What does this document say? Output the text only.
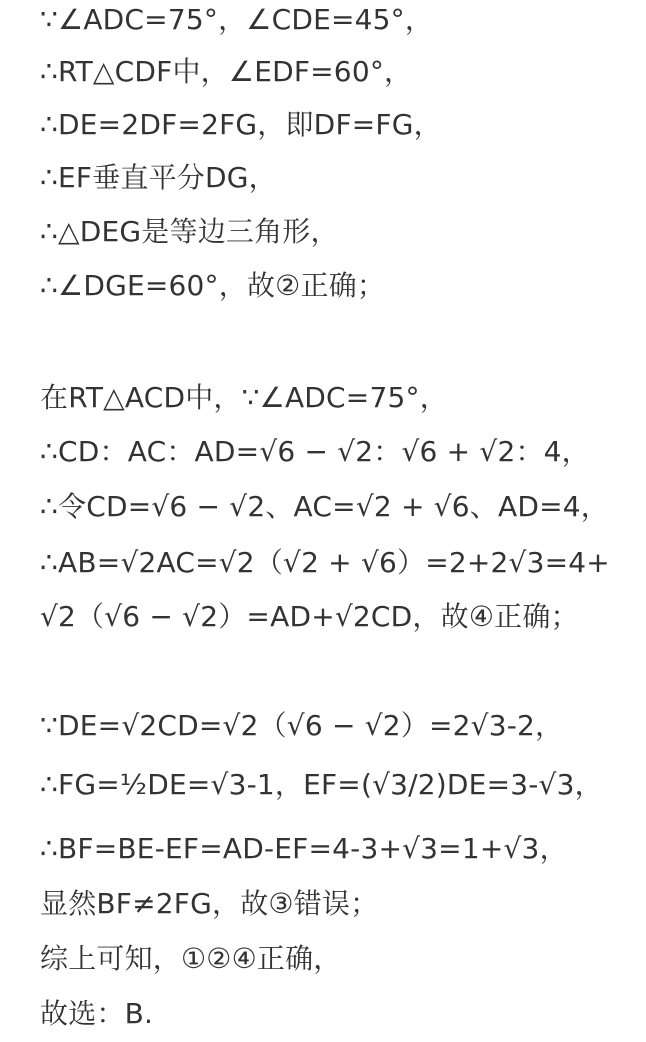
∵∠ADC=75°，∠CDE=45°，
∴RT△CDF中，∠EDF=60°，
∴DE=2DF=2FG，即DF=FG，
∴EF垂直平分DG，
∴△DEG是等边三角形，
∴∠DGE=60°，故②正确；
在RT△ACD中，∵∠ADC=75°，
∴CD：AC：AD=√6 − √2：√6 + √2：4，
∴令CD=√6 − √2、AC=√2 + √6、AD=4，
∴AB=√2AC=√2（√2 + √6）=2+2√3=4+
√2（√6 − √2）=AD+√2CD，故④正确；
∵DE=√2CD=√2（√6 − √2）=2√3-2，
∴FG=½DE=√3-1，EF=(√3/2)DE=3-√3，
∴BF=BE-EF=AD-EF=4-3+√3=1+√3，
显然BF≠2FG，故③错误；
综上可知，①②④正确，
故选：B.
